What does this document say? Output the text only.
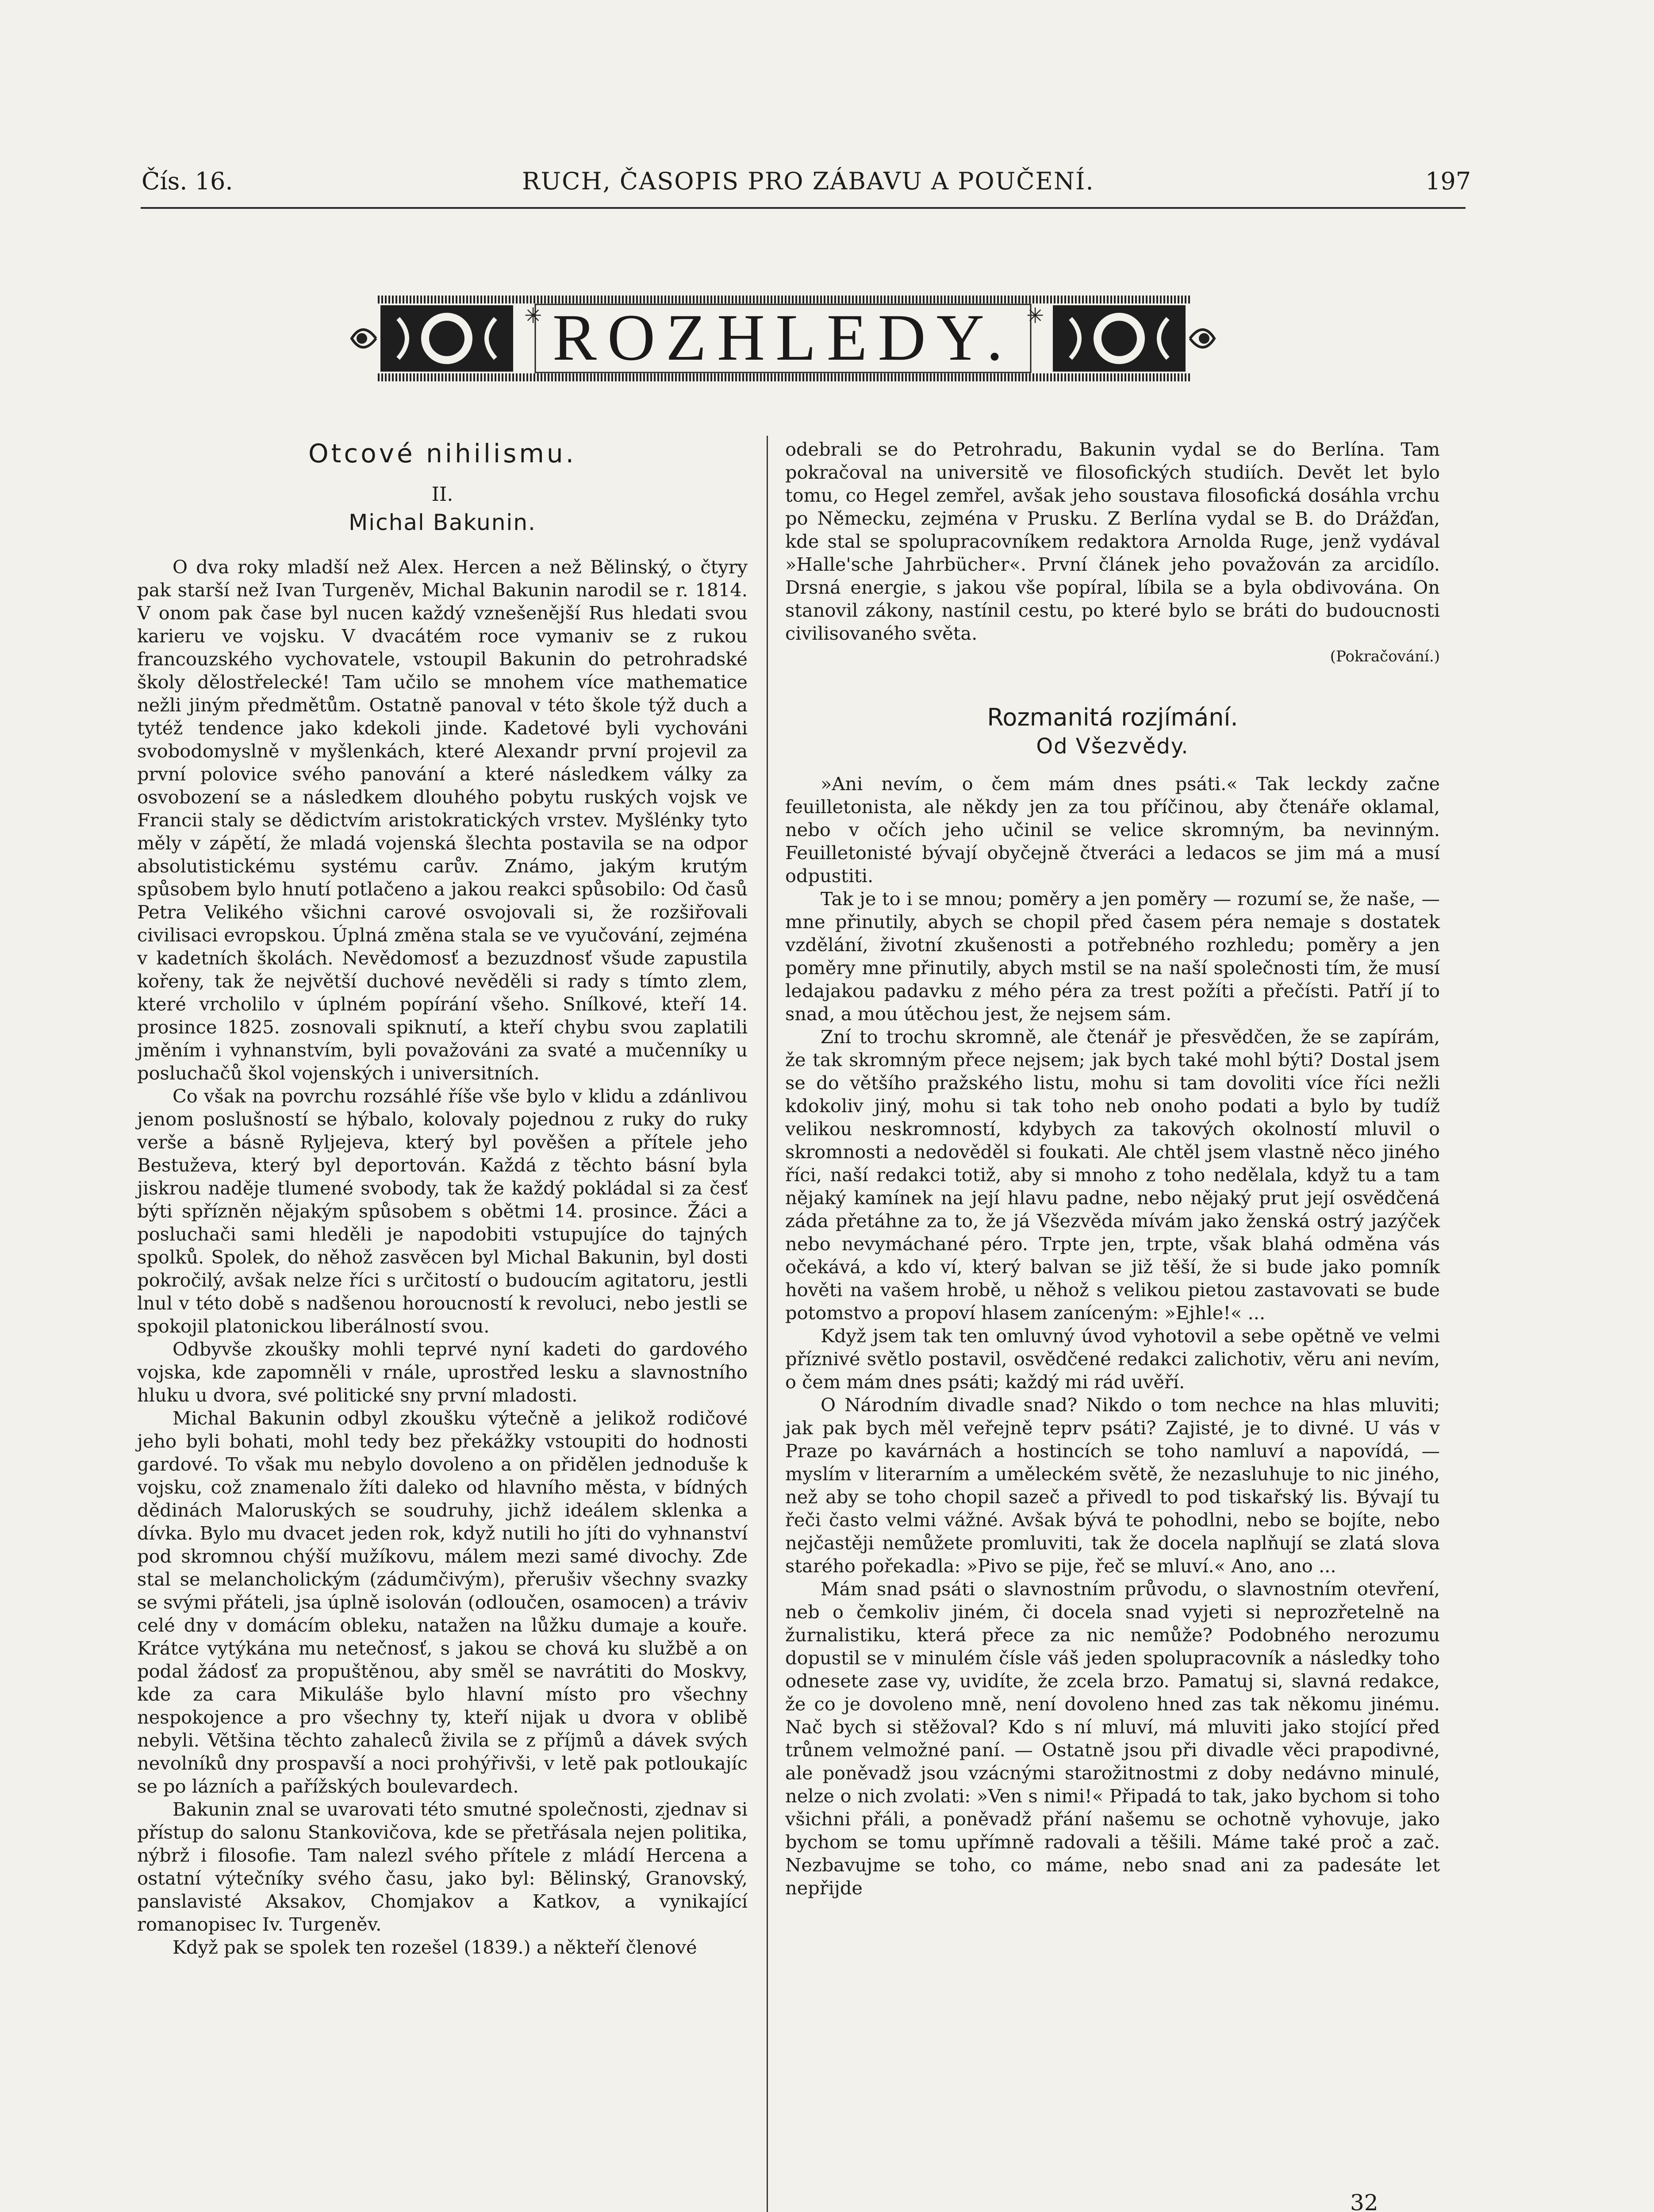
Čís. 16.	RUCH, ČASOPIS PRO ZÁBAVU A POUČENÍ.	197
✳	✳
ROZHLEDY.
Otcové nihilismu.
II.
Michal Bakunin.

O dva roky mladší než Alex. Hercen a než Bělinský, o čtyry pak starší než Ivan Turgeněv, Michal Bakunin narodil se r. 1814. V onom pak čase byl nucen každý vznešenější Rus hledati svou karieru ve vojsku. V dvacátém roce vymaniv se z rukou francouzského vychovatele, vstoupil Bakunin do petrohradské školy dělostřelecké! Tam učilo se mnohem více mathematice nežli jiným předmětům. Ostatně panoval v této škole týž duch a tytéž tendence jako kdekoli jinde. Kadetové byli vychováni svobodomyslně v myšlenkách, které Alexandr první projevil za první polovice svého panování a které následkem války za osvobození se a následkem dlouhého pobytu ruských vojsk ve Francii staly se dědictvím aristokratických vrstev. Myšlénky tyto měly v zápětí, že mladá vojenská šlechta postavila se na odpor absolutistickému systému carův. Známo, jakým krutým spůsobem bylo hnutí potlačeno a jakou reakci spůsobilo: Od časů Petra Velikého všichni carové osvojovali si, že rozšiřovali civilisaci evropskou. Úplná změna stala se ve vyučování, zejména v kadetních školách. Nevědomosť a bezuzdnosť všude zapustila kořeny, tak že největší duchové nevěděli si rady s tímto zlem, které vrcholilo v úplném popírání všeho. Snílkové, kteří 14. prosince 1825. zosnovali spiknutí, a kteří chybu svou zaplatili jměním i vyhnanstvím, byli považováni za svaté a mučenníky u posluchačů škol vojenských i universitních.

Co však na povrchu rozsáhlé říše vše bylo v klidu a zdánlivou jenom poslušností se hýbalo, kolovaly pojednou z ruky do ruky verše a básně Ryljejeva, který byl pověšen a přítele jeho Bestuževa, který byl deportován. Každá z těchto básní byla jiskrou naděje tlumené svobody, tak že každý pokládal si za česť býti spřízněn nějakým spůsobem s obětmi 14. prosince. Žáci a posluchači sami hleděli je napodobiti vstupujíce do tajných spolků. Spolek, do něhož zasvěcen byl Michal Bakunin, byl dosti pokročilý, avšak nelze říci s určitostí o budoucím agitatoru, jestli lnul v této době s nadšenou horoucností k revoluci, nebo jestli se spokojil platonickou liberálností svou.

Odbyvše zkoušky mohli teprvé nyní kadeti do gardového vojska, kde zapomněli v rnále, uprostřed lesku a slavnostního hluku u dvora, své politické sny první mladosti.

Michal Bakunin odbyl zkoušku výtečně a jelikož rodičové jeho byli bohati, mohl tedy bez překážky vstoupiti do hodnosti gardové. To však mu nebylo dovoleno a on přidělen jednoduše k vojsku, což znamenalo žíti daleko od hlavního města, v bídných dědinách Maloruských se soudruhy, jichž ideálem sklenka a dívka. Bylo mu dvacet jeden rok, když nutili ho jíti do vyhnanství pod skromnou chýší mužíkovu, málem mezi samé divochy. Zde stal se melancholickým (zádumčivým), přerušiv všechny svazky se svými přáteli, jsa úplně isolován (odloučen, osamocen) a tráviv celé dny v domácím obleku, natažen na lůžku dumaje a kouře. Krátce vytýkána mu netečnosť, s jakou se chová ku službě a on podal žádosť za propuštěnou, aby směl se navrátiti do Moskvy, kde za cara Mikuláše bylo hlavní místo pro všechny nespokojence a pro všechny ty, kteří nijak u dvora v oblibě nebyli. Většina těchto zahaleců živila se z příjmů a dávek svých nevolníků dny prospavší a noci prohýřivši, v letě pak potloukajíc se po lázních a pařížských boulevardech.

Bakunin znal se uvarovati této smutné společnosti, zjednav si přístup do salonu Stankovičova, kde se přetřásala nejen politika, nýbrž i filosofie. Tam nalezl svého přítele z mládí Hercena a ostatní výtečníky svého času, jako byl: Bělinský, Granovský, panslavisté Aksakov, Chomjakov a Katkov, a vynikající romanopisec Iv. Turgeněv.

Když pak se spolek ten rozešel (1839.) a někteří členové

odebrali se do Petrohradu, Bakunin vydal se do Berlína. Tam pokračoval na universitě ve filosofických studiích. Devět let bylo tomu, co Hegel zemřel, avšak jeho soustava filosofická dosáhla vrchu po Německu, zejména v Prusku. Z Berlína vydal se B. do Drážďan, kde stal se spolupracovníkem redaktora Arnolda Ruge, jenž vydával »Halle'sche Jahrbücher«. První článek jeho považován za arcidílo. Drsná energie, s jakou vše popíral, líbila se a byla obdivována. On stanovil zákony, nastínil cestu, po které bylo se bráti do budoucnosti civilisovaného světa.

(Pokračování.)
Rozmanitá rozjímání.
Od Všezvědy.

»Ani nevím, o čem mám dnes psáti.« Tak leckdy začne feuilletonista, ale někdy jen za tou příčinou, aby čtenáře oklamal, nebo v očích jeho učinil se velice skromným, ba nevinným. Feuilletonisté bývají obyčejně čtveráci a ledacos se jim má a musí odpustiti.

Tak je to i se mnou; poměry a jen poměry — rozumí se, že naše, — mne přinutily, abych se chopil před časem péra nemaje s dostatek vzdělání, životní zkušenosti a potřebného rozhledu; poměry a jen poměry mne přinutily, abych mstil se na naší společnosti tím, že musí ledajakou padavku z mého péra za trest požíti a přečísti. Patří jí to snad, a mou útěchou jest, že nejsem sám.

Zní to trochu skromně, ale čtenář je přesvědčen, že se zapírám, že tak skromným přece nejsem; jak bych také mohl býti? Dostal jsem se do většího pražského listu, mohu si tam dovoliti více říci nežli kdokoliv jiný, mohu si tak toho neb onoho podati a bylo by tudíž velikou neskromností, kdybych za takových okolností mluvil o skromnosti a nedověděl si foukati. Ale chtěl jsem vlastně něco jiného říci, naší redakci totiž, aby si mnoho z toho nedělala, když tu a tam nějaký kamínek na její hlavu padne, nebo nějaký prut její osvědčená záda přetáhne za to, že já Všezvěda mívám jako ženská ostrý jazýček nebo nevymáchané péro. Trpte jen, trpte, však blahá odměna vás očekává, a kdo ví, který balvan se již těší, že si bude jako pomník hověti na vašem hrobě, u něhož s velikou pietou zastavovati se bude potomstvo a propoví hlasem zaníceným: »Ejhle!« ...

Když jsem tak ten omluvný úvod vyhotovil a sebe opětně ve velmi příznivé světlo postavil, osvědčené redakci zalichotiv, věru ani nevím, o čem mám dnes psáti; každý mi rád uvěří.

O Národním divadle snad? Nikdo o tom nechce na hlas mluviti; jak pak bych měl veřejně teprv psáti? Zajisté, je to divné. U vás v Praze po kavárnách a hostincích se toho namluví a napovídá, — myslím v literarním a uměleckém světě, že nezasluhuje to nic jiného, než aby se toho chopil sazeč a přivedl to pod tiskařský lis. Bývají tu řeči často velmi vážné. Avšak bývá te pohodlni, nebo se bojíte, nebo nejčastěji nemůžete promluviti, tak že docela naplňují se zlatá slova starého pořekadla: »Pivo se pije, řeč se mluví.« Ano, ano ...

Mám snad psáti o slavnostním průvodu, o slavnostním otevření, neb o čemkoliv jiném, či docela snad vyjeti si neprozřetelně na žurnalistiku, která přece za nic nemůže? Podobného nerozumu dopustil se v minulém čísle váš jeden spolupracovník a následky toho odnesete zase vy, uvidíte, že zcela brzo. Pamatuj si, slavná redakce, že co je dovoleno mně, není dovoleno hned zas tak někomu jinému. Nač bych si stěžoval? Kdo s ní mluví, má mluviti jako stojící před trůnem velmožné paní. — Ostatně jsou při divadle věci prapodivné, ale poněvadž jsou vzácnými starožitnostmi z doby nedávno minulé, nelze o nich zvolati: »Ven s nimi!« Připadá to tak, jako bychom si toho všichni přáli, a poněvadž přání našemu se ochotně vyhovuje, jako bychom se tomu upřímně radovali a těšili. Máme také proč a zač. Nezbavujme se toho, co máme, nebo snad ani za padesáte let nepřijde

32
